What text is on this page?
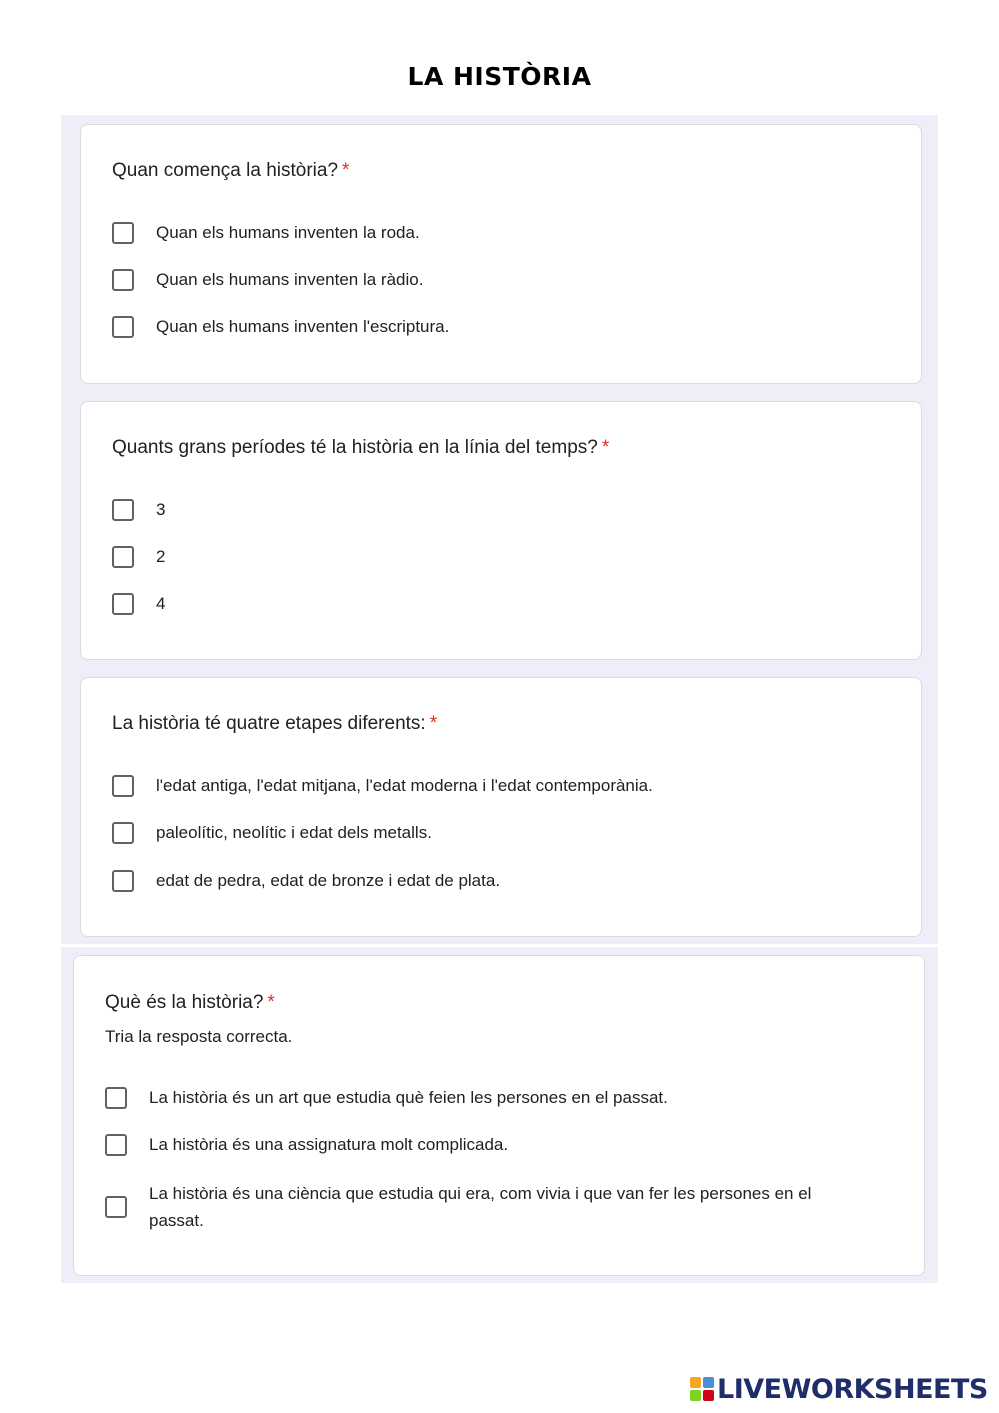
LA HISTÒRIA
Quan comença la història? *
Quan els humans inventen la roda.
Quan els humans inventen la ràdio.
Quan els humans inventen l'escriptura.
Quants grans períodes té la història en la línia del temps? *
3
2
4
La història té quatre etapes diferents: *
l'edat antiga, l'edat mitjana, l'edat moderna i l'edat contemporània.
paleolític, neolític i edat dels metalls.
edat de pedra, edat de bronze i edat de plata.
Què és la història? *
Tria la resposta correcta.
La història és un art que estudia què feien les persones en el passat.
La història és una assignatura molt complicada.
La història és una ciència que estudia qui era, com vivia i que van fer les persones en el passat.
LIVEWORKSHEETS
